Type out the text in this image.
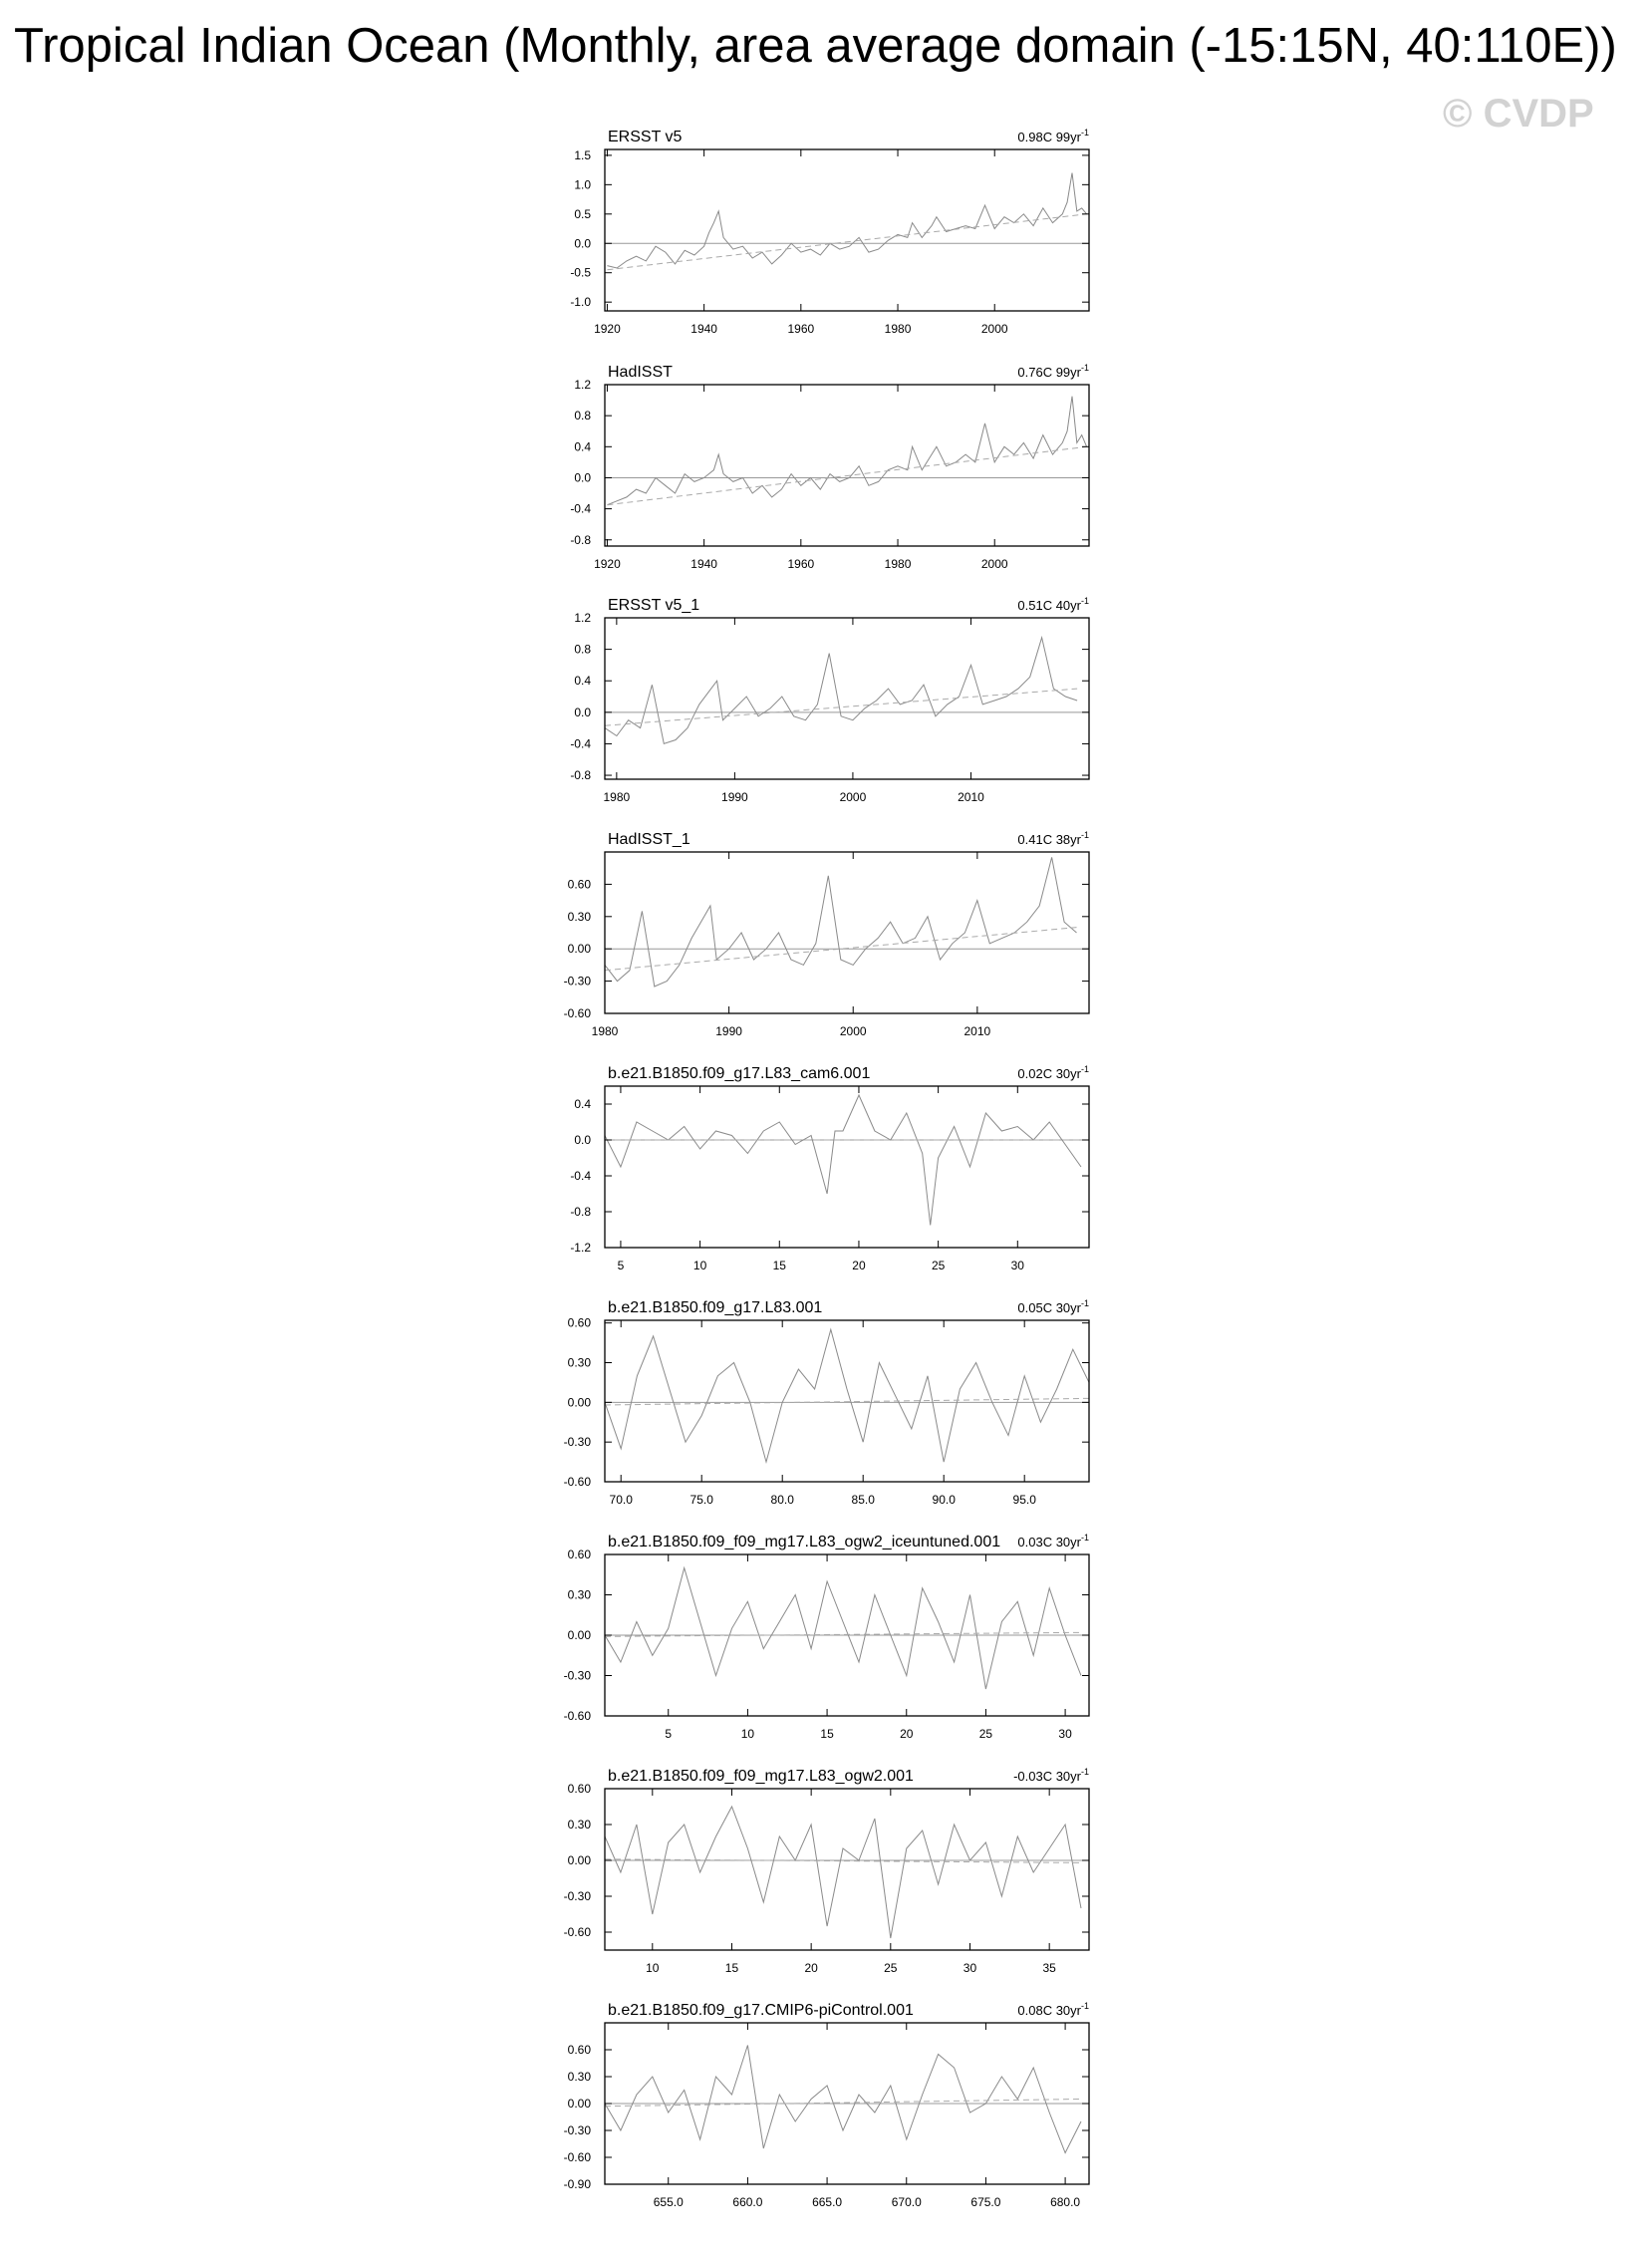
Tropical Indian Ocean (Monthly, area average domain (-15:15N, 40:110E))
© CVDP
ERSST v5	0.98C $99yr^{-1}$
1.5
1.0
0.5
0.0
-0.5
-1.0
1920	1940	1960	1980	2000
HadISST	0.76C $99yr^{-1}$
1.2
0.8
0.4
0.0
-0.4
-0.8
1920	1940	1960	1980	2000
ERSST v5_1	0.51C $40yr^{-1}$
1.2
0.8
0.4
0.0
-0.4
-0.8
1980	1990	2000	2010
HadISST_1	0.41C $38yr^{-1}$
0.60
0.30
0.00
-0.30
-0.60
1980	1990	2000	2010
b.e21.B1850.f09_g17.L83_cam6.001	0.02C $30yr^{-1}$
0.4
0.0
-0.4
-0.8
-1.2
5	10	15	20	25	30
b.e21.B1850.f09_g17.L83.001	0.05C $30yr^{-1}$
0.60
0.30
0.00
-0.30
-0.60
70.0	75.0	80.0	85.0	90.0	95.0
b.e21.B1850.f09_f09_mg17.L83_ogw2_iceuntuned.001 0.03C $30yr^{-1}$
0.60
0.30
0.00
-0.30
-0.60
5	10	15	20	25	30
b.e21.B1850.f09_f09_mg17.L83_ogw2.001	-0.03C $30yr^{-1}$
0.60
0.30
0.00
-0.30
-0.60
10	15	20	25	30	35
b.e21.B1850.f09_g17.CMIP6-piControl.001	0.08C $30yr^{-1}$
0.60
0.30
0.00
-0.30
-0.60
-0.90
655.0	660.0	665.0	670.0	675.0	680.0
